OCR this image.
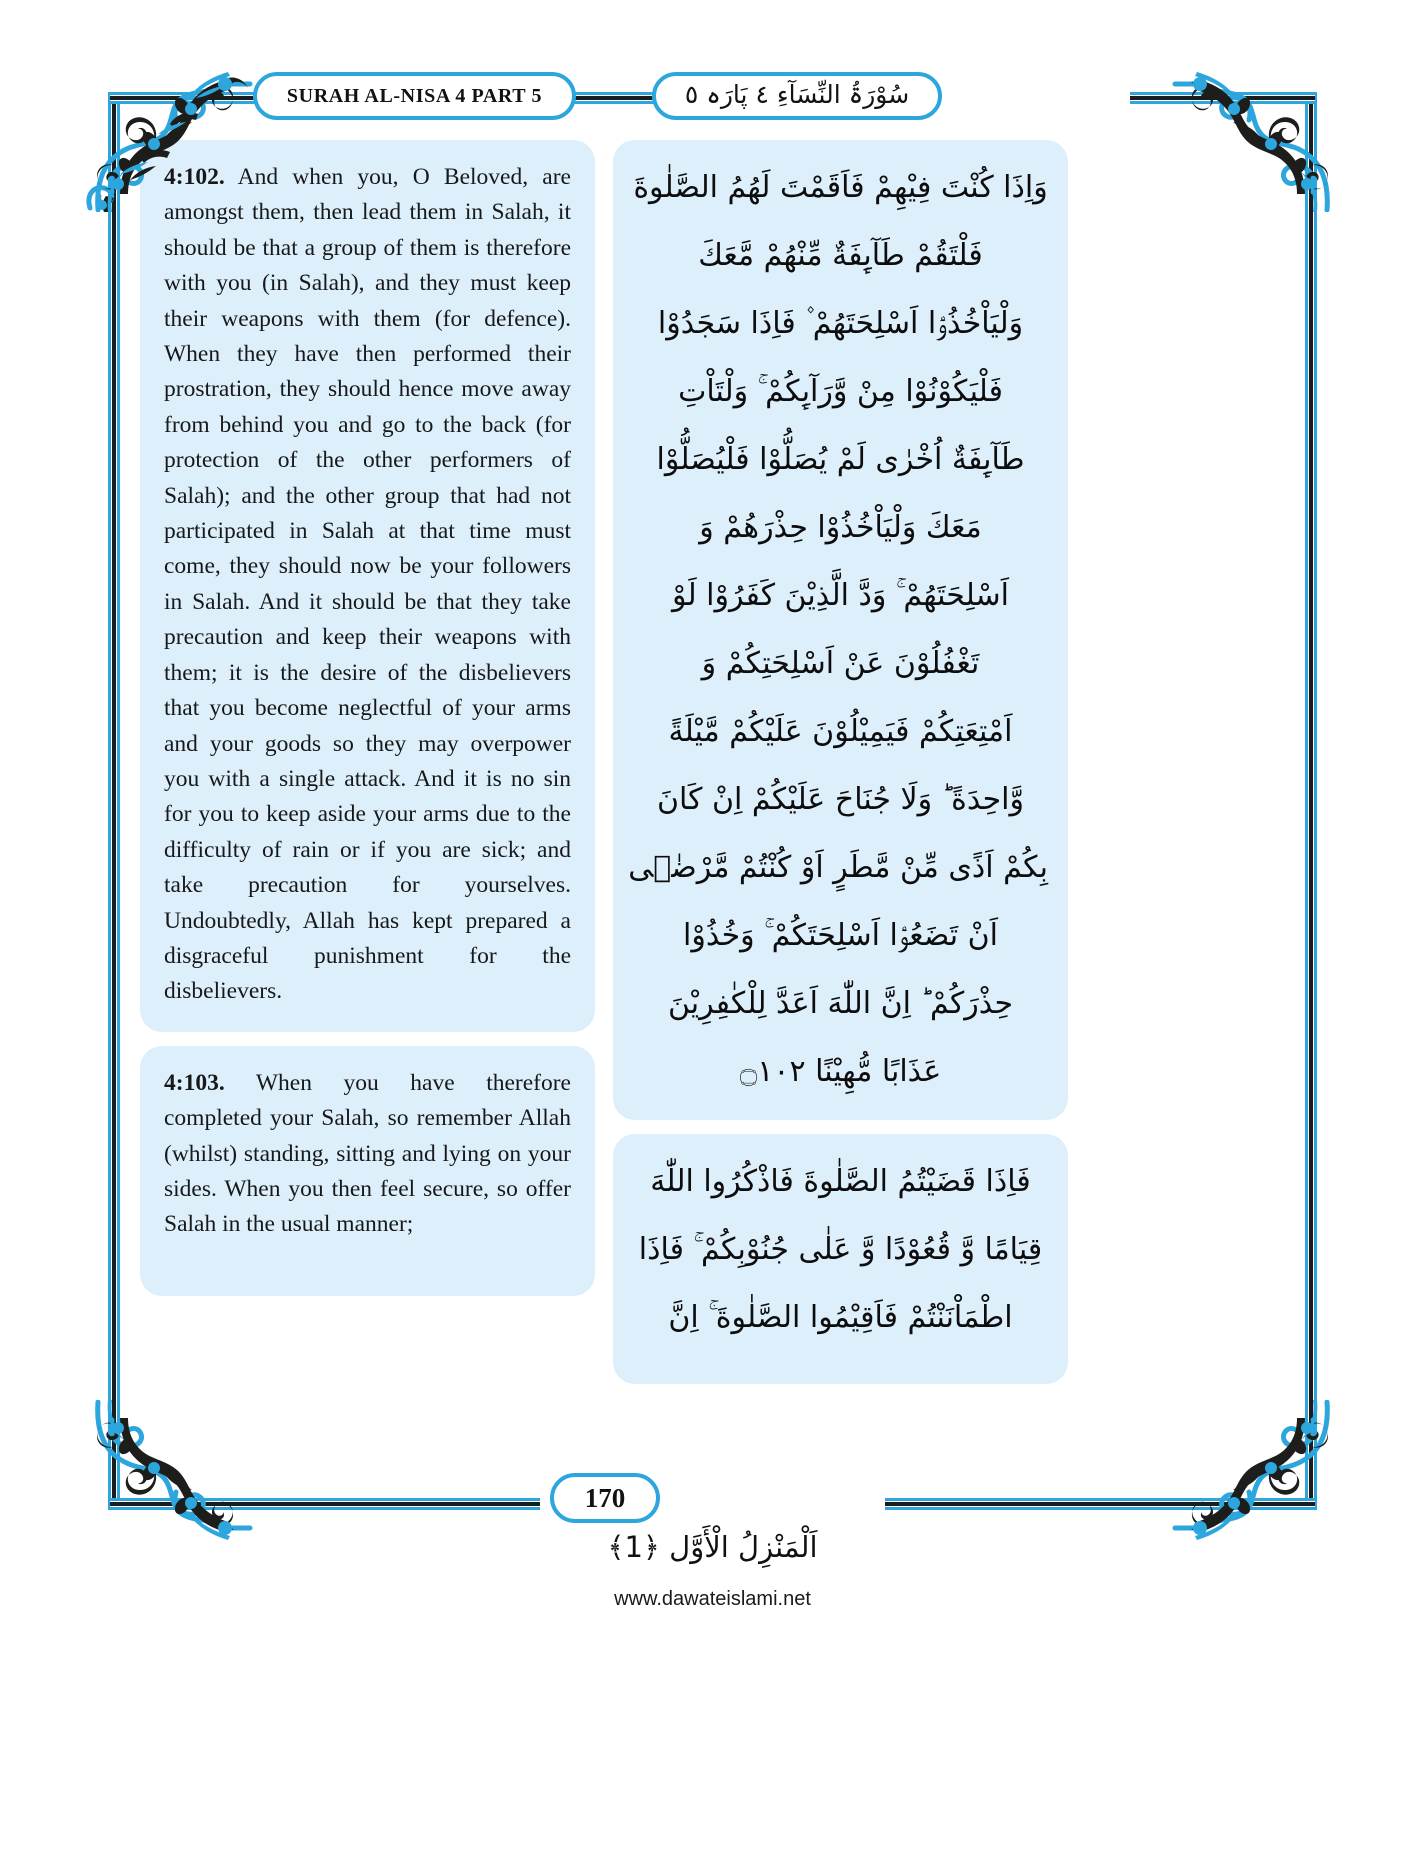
SURAH AL-NISA 4 PART 5	سُوْرَۃُ النِّسَآءِ ٤ پَارَہ ٥
4:102. And when you, O Beloved, are amongst them, then lead them in Salah, it should be that a group of them is therefore with you (in Salah), and they must keep their weapons with them (for defence). When they have then performed their prostration, they should hence move away from behind you and go to the back (for protection of the other performers of Salah); and the other group that had not participated in Salah at that time must come, they should now be your followers in Salah. And it should be that they take precaution and keep their weapons with them; it is the desire of the disbelievers that you become neglectful of your arms and your goods so they may overpower you with a single attack. And it is no sin for you to keep aside your arms due to the difficulty of rain or if you are sick; and take precaution for yourselves. Undoubtedly, Allah has kept prepared a disgraceful punishment for the disbelievers.
4:103. When you have therefore completed your Salah, so remember Allah (whilst) standing, sitting and lying on your sides. When you then feel secure, so offer Salah in the usual manner;
وَاِذَا كُنْتَ فِیْهِمْ فَاَقَمْتَ لَهُمُ الصَّلٰوةَ
فَلْتَقُمْ طَآىِٕفَةٌ مِّنْهُمْ مَّعَكَ
وَلْیَاْخُذُوْۤا اَسْلِحَتَهُمْ ۫ فَاِذَا سَجَدُوْا
فَلْیَكُوْنُوْا مِنْ وَّرَآىِٕكُمْ ۚ وَلْتَاْتِ
طَآىِٕفَةٌ اُخْرٰى لَمْ یُصَلُّوْا فَلْیُصَلُّوْا
مَعَكَ وَلْیَاْخُذُوْا حِذْرَهُمْ وَ
اَسْلِحَتَهُمْ ۚ وَدَّ الَّذِیْنَ كَفَرُوْا لَوْ
تَغْفُلُوْنَ عَنْ اَسْلِحَتِكُمْ وَ
اَمْتِعَتِكُمْ فَیَمِیْلُوْنَ عَلَیْكُمْ مَّیْلَةً
وَّاحِدَةً ؕ وَلَا جُنَاحَ عَلَیْكُمْ اِنْ كَانَ
بِكُمْ اَذًى مِّنْ مَّطَرٍ اَوْ كُنْتُمْ مَّرْضٰۤى
اَنْ تَضَعُوْۤا اَسْلِحَتَكُمْ ۚ وَخُذُوْا
حِذْرَكُمْ ؕ اِنَّ اللّٰهَ اَعَدَّ لِلْكٰفِرِیْنَ
عَذَابًا مُّهِیْنًا ۝١٠٢
فَاِذَا قَضَیْتُمُ الصَّلٰوةَ فَاذْكُرُوا اللّٰهَ
قِیَامًا وَّ قُعُوْدًا وَّ عَلٰى جُنُوْبِكُمْ ۚ فَاِذَا
اطْمَاْنَنْتُمْ فَاَقِیْمُوا الصَّلٰوةَ ۚ اِنَّ
170
اَلْمَنْزِلُ الْأَوَّل ﴿1﴾
www.dawateislami.net
